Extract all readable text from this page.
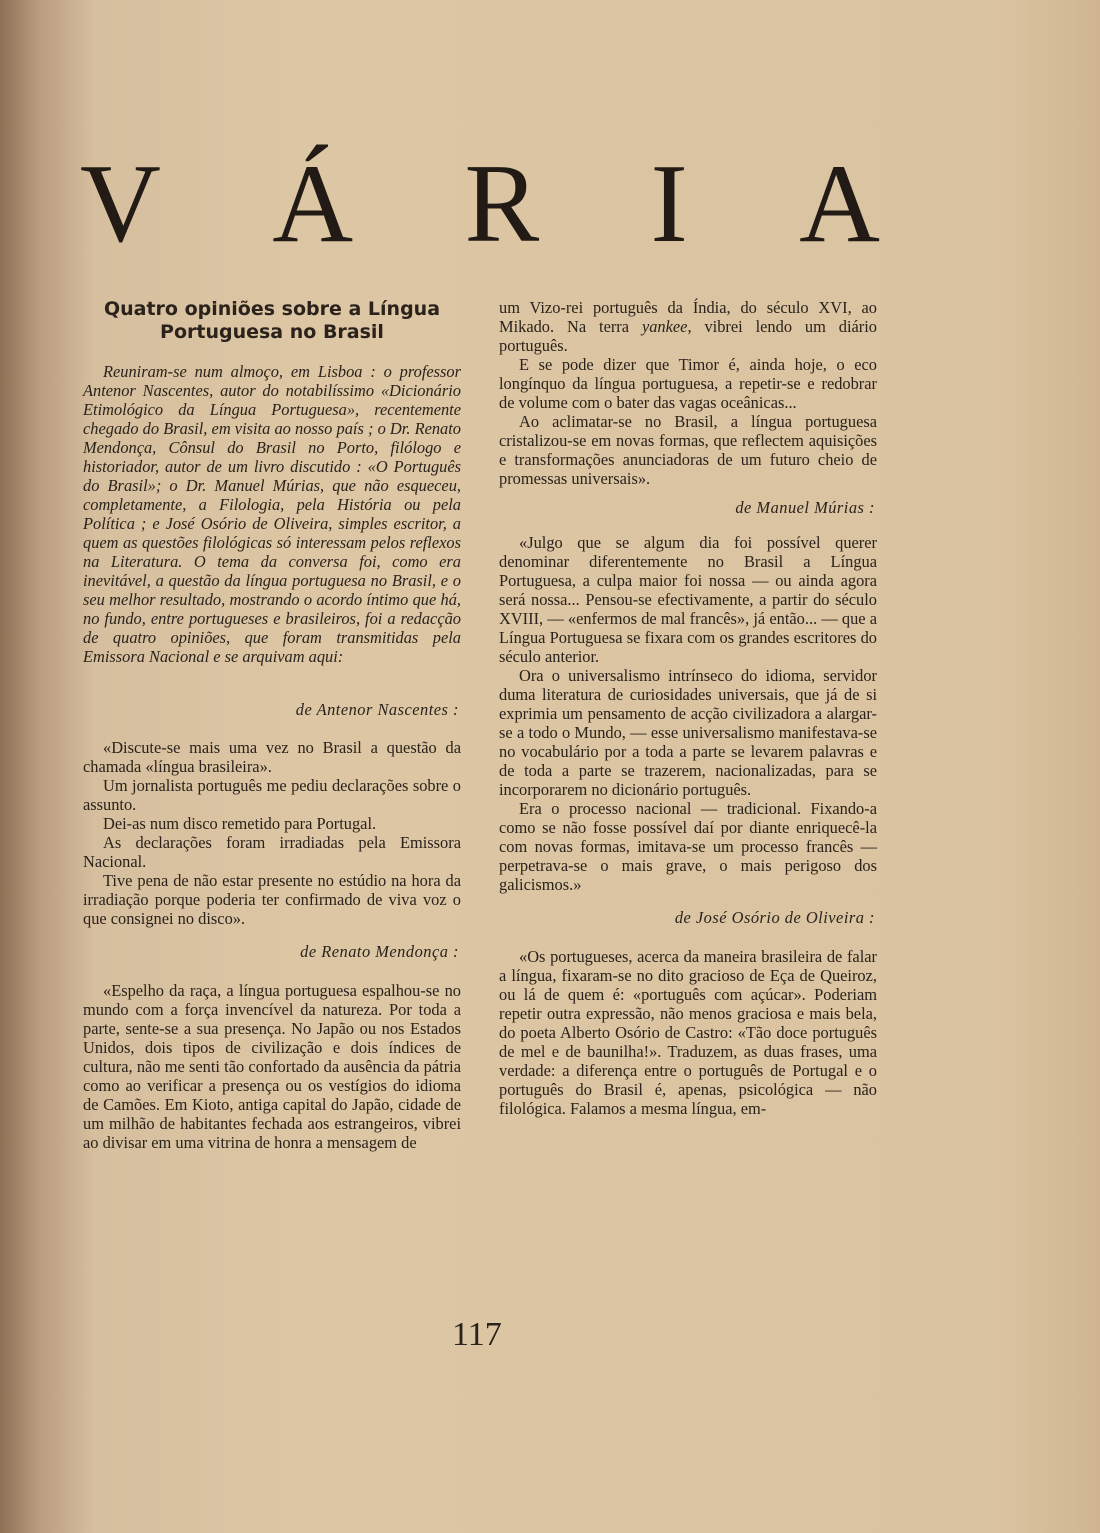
V Á R I A
Quatro opiniões sobre a Língua
Portuguesa no Brasil

Reuniram-se num almoço, em Lisboa : o professor Antenor Nascentes, autor do notabilíssimo «Dicionário Etimológico da Língua Portuguesa», recentemente chegado do Brasil, em visita ao nosso país ; o Dr. Renato Mendonça, Cônsul do Brasil no Porto, filólogo e historiador, autor de um livro discutido : «O Português do Brasil»; o Dr. Manuel Múrias, que não esqueceu, completamente, a Filologia, pela História ou pela Política ; e José Osório de Oliveira, simples escritor, a quem as questões filológicas só interessam pelos reflexos na Literatura. O tema da conversa foi, como era inevitável, a questão da língua portuguesa no Brasil, e o seu melhor resultado, mostrando o acordo íntimo que há, no fundo, entre portugueses e brasileiros, foi a redacção de quatro opiniões, que foram transmitidas pela Emissora Nacional e se arquivam aqui:

de Antenor Nascentes :

«Discute-se mais uma vez no Brasil a questão da chamada «língua brasileira».

Um jornalista português me pediu declarações sobre o assunto.

Dei-as num disco remetido para Portugal.

As declarações foram irradiadas pela Emissora Nacional.

Tive pena de não estar presente no estúdio na hora da irradiação porque poderia ter confirmado de viva voz o que consignei no disco».

de Renato Mendonça :

«Espelho da raça, a língua portuguesa espalhou-se no mundo com a força invencível da natureza. Por toda a parte, sente-se a sua presença. No Japão ou nos Estados Unidos, dois tipos de civilização e dois índices de cultura, não me senti tão confortado da ausência da pátria como ao verificar a presença ou os vestígios do idioma de Camões. Em Kioto, antiga capital do Japão, cidade de um milhão de habitantes fechada aos estrangeiros, vibrei ao divisar em uma vitrina de honra a mensagem de

um Vizo-rei português da Índia, do século XVI, ao Mikado. Na terra yankee, vibrei lendo um diário português.

E se pode dizer que Timor é, ainda hoje, o eco longínquo da língua portuguesa, a repetir-se e redobrar de volume com o bater das vagas oceânicas...

Ao aclimatar-se no Brasil, a língua portuguesa cristalizou-se em novas formas, que reflectem aquisições e transformações anunciadoras de um futuro cheio de promessas universais».

de Manuel Múrias :

«Julgo que se algum dia foi possível querer denominar diferentemente no Brasil a Língua Portuguesa, a culpa maior foi nossa — ou ainda agora será nossa... Pensou-se efectivamente, a partir do século XVIII, — «enfermos de mal francês», já então... — que a Língua Portuguesa se fixara com os grandes escritores do século anterior.

Ora o universalismo intrínseco do idioma, servidor duma literatura de curiosidades universais, que já de si exprimia um pensamento de acção civilizadora a alargar-se a todo o Mundo, — esse universalismo manifestava-se no vocabulário por a toda a parte se levarem palavras e de toda a parte se trazerem, nacionalizadas, para se incorporarem no dicionário português.

Era o processo nacional — tradicional. Fixando-a como se não fosse possível daí por diante enriquecê-la com novas formas, imitava-se um processo francês — perpetrava-se o mais grave, o mais perigoso dos galicismos.»

de José Osório de Oliveira :

«Os portugueses, acerca da maneira brasileira de falar a língua, fixaram-se no dito gracioso de Eça de Queiroz, ou lá de quem é: «português com açúcar». Poderiam repetir outra expressão, não menos graciosa e mais bela, do poeta Alberto Osório de Castro: «Tão doce português de mel e de baunilha!». Traduzem, as duas frases, uma verdade: a diferença entre o português de Portugal e o português do Brasil é, apenas, psicológica — não filológica. Falamos a mesma língua, em-

117
